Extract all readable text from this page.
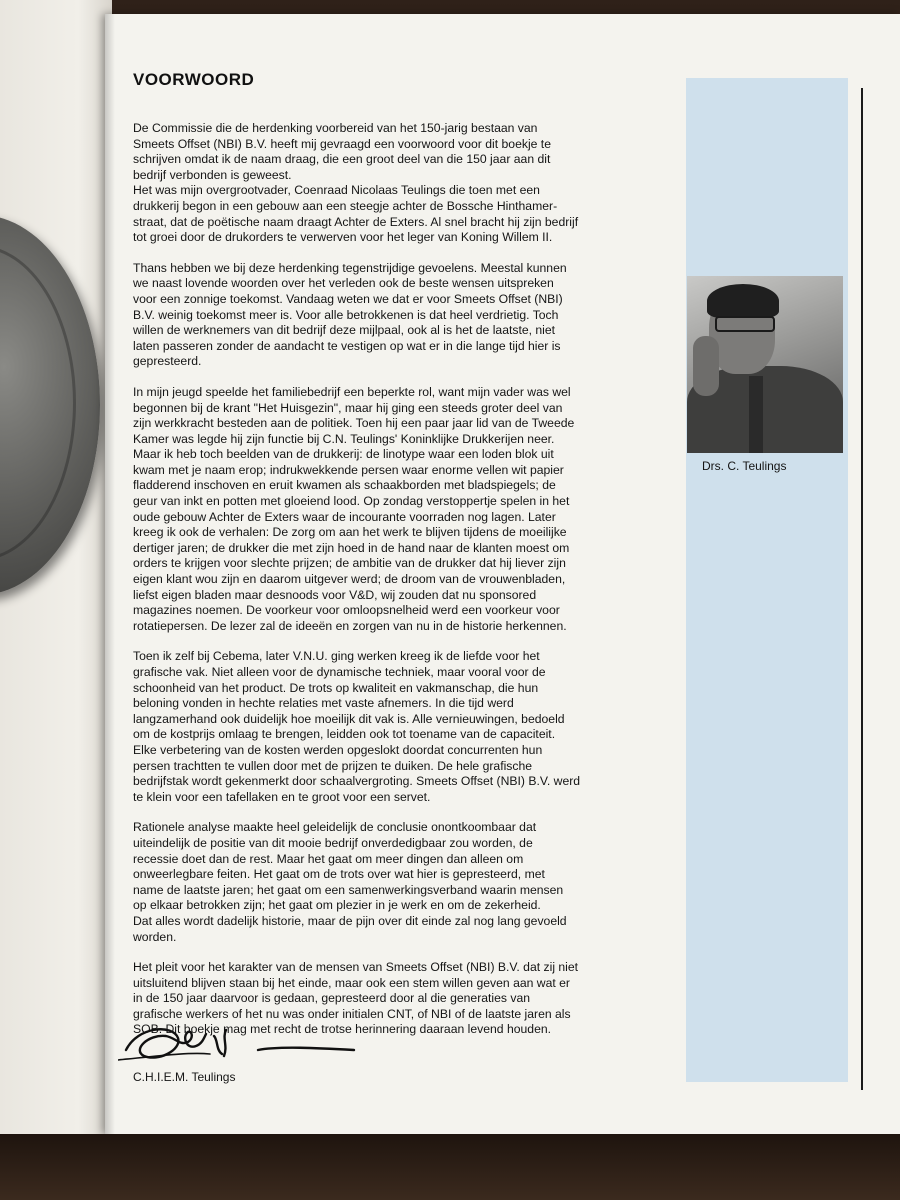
VOORWOORD

De Commissie die de herdenking voorbereid van het 150-jarig bestaan van
Smeets Offset (NBI) B.V. heeft mij gevraagd een voorwoord voor dit boekje te
schrijven omdat ik de naam draag, die een groot deel van die 150 jaar aan dit
bedrijf verbonden is geweest.
Het was mijn overgrootvader, Coenraad Nicolaas Teulings die toen met een
drukkerij begon in een gebouw aan een steegje achter de Bossche Hinthamer-
straat, dat de poëtische naam draagt Achter de Exters. Al snel bracht hij zijn bedrijf
tot groei door de drukorders te verwerven voor het leger van Koning Willem II.

Thans hebben we bij deze herdenking tegenstrijdige gevoelens. Meestal kunnen
we naast lovende woorden over het verleden ook de beste wensen uitspreken
voor een zonnige toekomst. Vandaag weten we dat er voor Smeets Offset (NBI)
B.V. weinig toekomst meer is. Voor alle betrokkenen is dat heel verdrietig. Toch
willen de werknemers van dit bedrijf deze mijlpaal, ook al is het de laatste, niet
laten passeren zonder de aandacht te vestigen op wat er in die lange tijd hier is
gepresteerd.

In mijn jeugd speelde het familiebedrijf een beperkte rol, want mijn vader was wel
begonnen bij de krant "Het Huisgezin", maar hij ging een steeds groter deel van
zijn werkkracht besteden aan de politiek. Toen hij een paar jaar lid van de Tweede
Kamer was legde hij zijn functie bij C.N. Teulings' Koninklijke Drukkerijen neer.
Maar ik heb toch beelden van de drukkerij: de linotype waar een loden blok uit
kwam met je naam erop; indrukwekkende persen waar enorme vellen wit papier
fladderend inschoven en eruit kwamen als schaakborden met bladspiegels; de
geur van inkt en potten met gloeiend lood. Op zondag verstoppertje spelen in het
oude gebouw Achter de Exters waar de incourante voorraden nog lagen. Later
kreeg ik ook de verhalen: De zorg om aan het werk te blijven tijdens de moeilijke
dertiger jaren; de drukker die met zijn hoed in de hand naar de klanten moest om
orders te krijgen voor slechte prijzen; de ambitie van de drukker dat hij liever zijn
eigen klant wou zijn en daarom uitgever werd; de droom van de vrouwenbladen,
liefst eigen bladen maar desnoods voor V&D, wij zouden dat nu sponsored
magazines noemen. De voorkeur voor omloopsnelheid werd een voorkeur voor
rotatiepersen. De lezer zal de ideeën en zorgen van nu in de historie herkennen.

Toen ik zelf bij Cebema, later V.N.U. ging werken kreeg ik de liefde voor het
grafische vak. Niet alleen voor de dynamische techniek, maar vooral voor de
schoonheid van het product. De trots op kwaliteit en vakmanschap, die hun
beloning vonden in hechte relaties met vaste afnemers. In die tijd werd
langzamerhand ook duidelijk hoe moeilijk dit vak is. Alle vernieuwingen, bedoeld
om de kostprijs omlaag te brengen, leidden ook tot toename van de capaciteit.
Elke verbetering van de kosten werden opgeslokt doordat concurrenten hun
persen trachtten te vullen door met de prijzen te duiken. De hele grafische
bedrijfstak wordt gekenmerkt door schaalvergroting. Smeets Offset (NBI) B.V. werd
te klein voor een tafellaken en te groot voor een servet.

Rationele analyse maakte heel geleidelijk de conclusie onontkoombaar dat
uiteindelijk de positie van dit mooie bedrijf onverdedigbaar zou worden, de
recessie doet dan de rest. Maar het gaat om meer dingen dan alleen om
onweerlegbare feiten. Het gaat om de trots over wat hier is gepresteerd, met
name de laatste jaren; het gaat om een samenwerkingsverband waarin mensen
op elkaar betrokken zijn; het gaat om plezier in je werk en om de zekerheid.
Dat alles wordt dadelijk historie, maar de pijn over dit einde zal nog lang gevoeld
worden.

Het pleit voor het karakter van de mensen van Smeets Offset (NBI) B.V. dat zij niet
uitsluitend blijven staan bij het einde, maar ook een stem willen geven aan wat er
in de 150 jaar daarvoor is gedaan, gepresteerd door al die generaties van
grafische werkers of het nu was onder initialen CNT, of NBI of de laatste jaren als
SOB. Dit boekje mag met recht de trotse herinnering daaraan levend houden.

Drs. C. Teulings
C.H.I.E.M. Teulings
